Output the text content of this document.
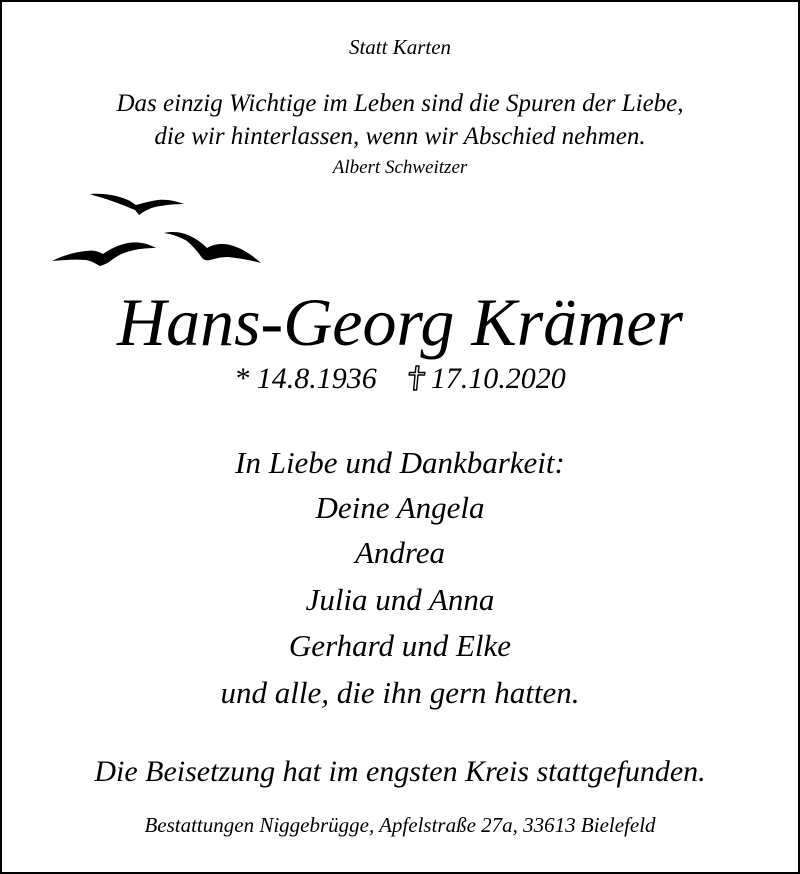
Statt Karten
Das einzig Wichtige im Leben sind die Spuren der Liebe,
die wir hinterlassen, wenn wir Abschied nehmen.
Albert Schweitzer
Hans-Georg Krämer
* 14.8.1936 17.10.2020
In Liebe und Dankbarkeit:
Deine Angela
Andrea
Julia und Anna
Gerhard und Elke
und alle, die ihn gern hatten.
Die Beisetzung hat im engsten Kreis stattgefunden.
Bestattungen Niggebrügge, Apfelstraße 27a, 33613 Bielefeld
